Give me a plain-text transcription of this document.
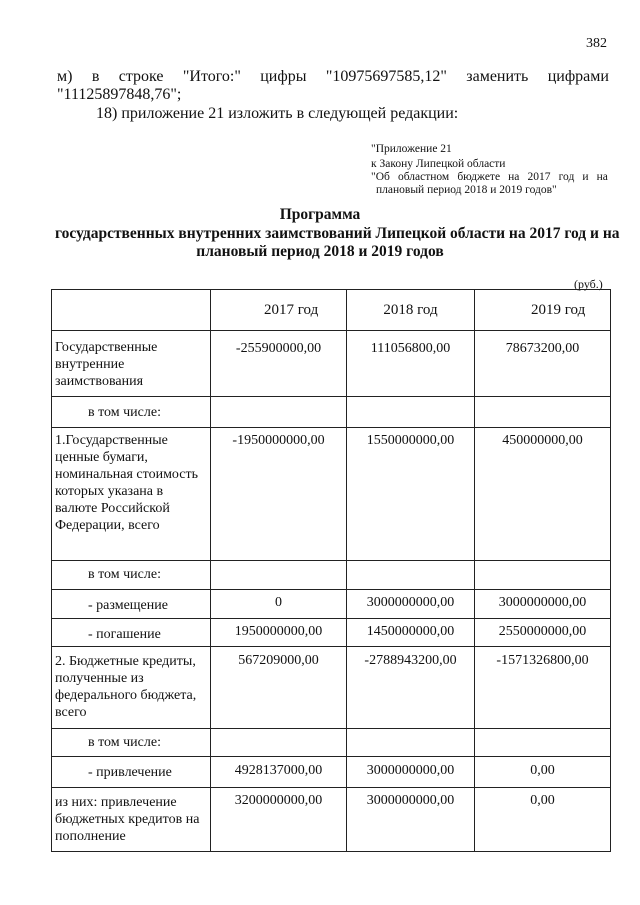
382
м) в строке "Итого:" цифры "10975697585,12" заменить цифрами
"11125897848,76";
18) приложение 21 изложить в следующей редакции:
"Приложение 21
к Закону Липецкой области
"Об областном бюджете на 2017 год и на
плановый период 2018 и 2019 годов"
Программа
государственных внутренних заимствований Липецкой области на 2017 год и на
плановый период 2018 и 2019 годов
(руб.)
	2017 год	2018 год	2019 год
Государственные внутренние заимствования	-255900000,00	111056800,00	78673200,00
в том числе:			
1.Государственные ценные бумаги, номинальная стоимость которых указана в валюте Российской Федерации, всего	-1950000000,00	1550000000,00	450000000,00
в том числе:			
- размещение	0	3000000000,00	3000000000,00
- погашение	1950000000,00	1450000000,00	2550000000,00
2. Бюджетные кредиты, полученные из федерального бюджета, всего	567209000,00	-2788943200,00	-1571326800,00
в том числе:			
- привлечение	4928137000,00	3000000000,00	0,00
из них: привлечение бюджетных кредитов на пополнение	3200000000,00	3000000000,00	0,00
